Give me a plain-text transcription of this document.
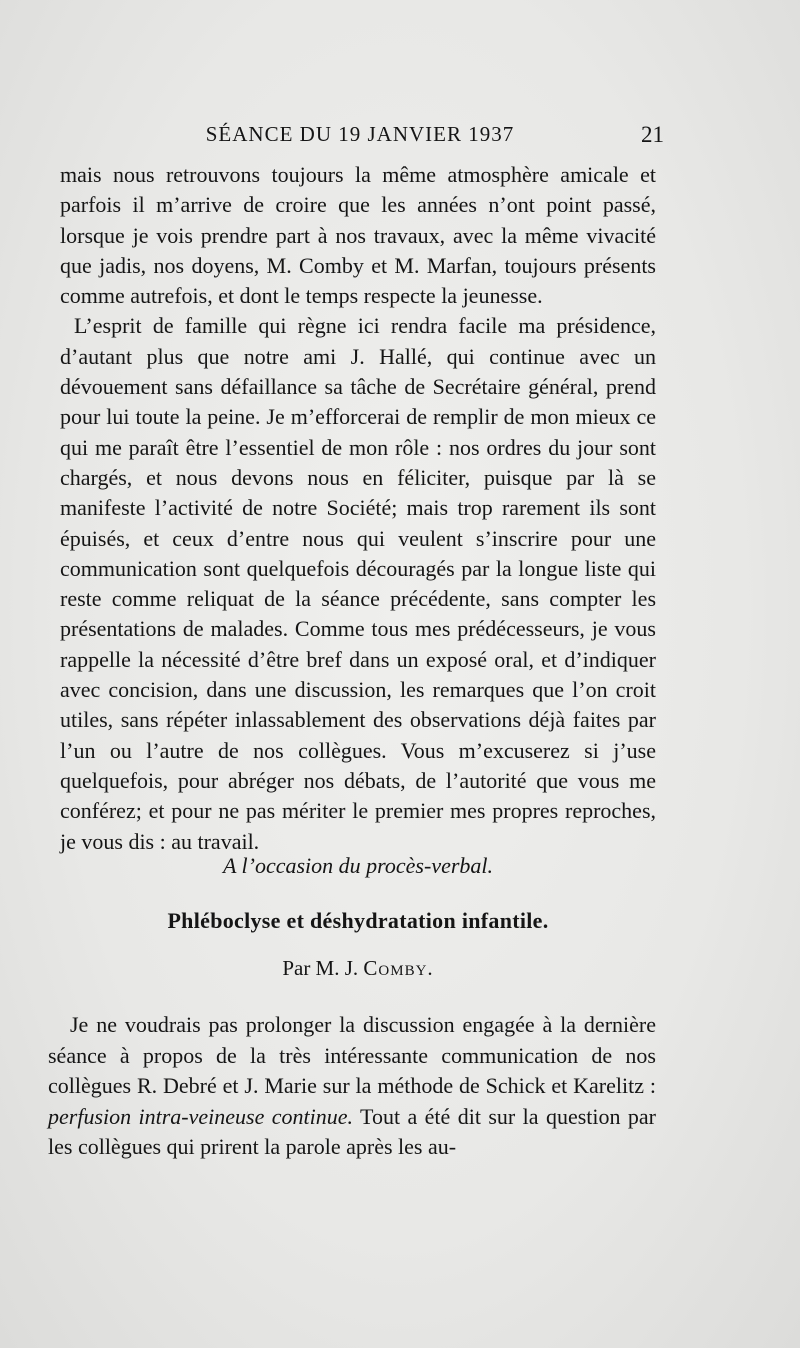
SÉANCE DU 19 JANVIER 1937	21

mais nous retrouvons toujours la même atmosphère amicale et parfois il m’arrive de croire que les années n’ont point passé, lorsque je vois prendre part à nos travaux, avec la même vivacité que jadis, nos doyens, M. Comby et M. Marfan, toujours présents comme autrefois, et dont le temps respecte la jeunesse.

L’esprit de famille qui règne ici rendra facile ma présidence, d’autant plus que notre ami J. Hallé, qui continue avec un dévouement sans défaillance sa tâche de Secrétaire général, prend pour lui toute la peine. Je m’efforcerai de remplir de mon mieux ce qui me paraît être l’essentiel de mon rôle : nos ordres du jour sont chargés, et nous devons nous en féliciter, puisque par là se manifeste l’activité de notre Société; mais trop rarement ils sont épuisés, et ceux d’entre nous qui veulent s’inscrire pour une communication sont quelquefois découragés par la longue liste qui reste comme reliquat de la séance précédente, sans compter les présentations de malades. Comme tous mes prédécesseurs, je vous rappelle la nécessité d’être bref dans un exposé oral, et d’indiquer avec concision, dans une discussion, les remarques que l’on croit utiles, sans répéter inlassablement des observations déjà faites par l’un ou l’autre de nos collègues. Vous m’excuserez si j’use quelquefois, pour abréger nos débats, de l’autorité que vous me conférez; et pour ne pas mériter le premier mes propres reproches, je vous dis : au travail.

A l’occasion du procès-verbal.
Phléboclyse et déshydratation infantile.
Par M. J. Comby.

Je ne voudrais pas prolonger la discussion engagée à la dernière séance à propos de la très intéressante communication de nos collègues R. Debré et J. Marie sur la méthode de Schick et Karelitz : perfusion intra-veineuse continue. Tout a été dit sur la question par les collègues qui prirent la parole après les au-
